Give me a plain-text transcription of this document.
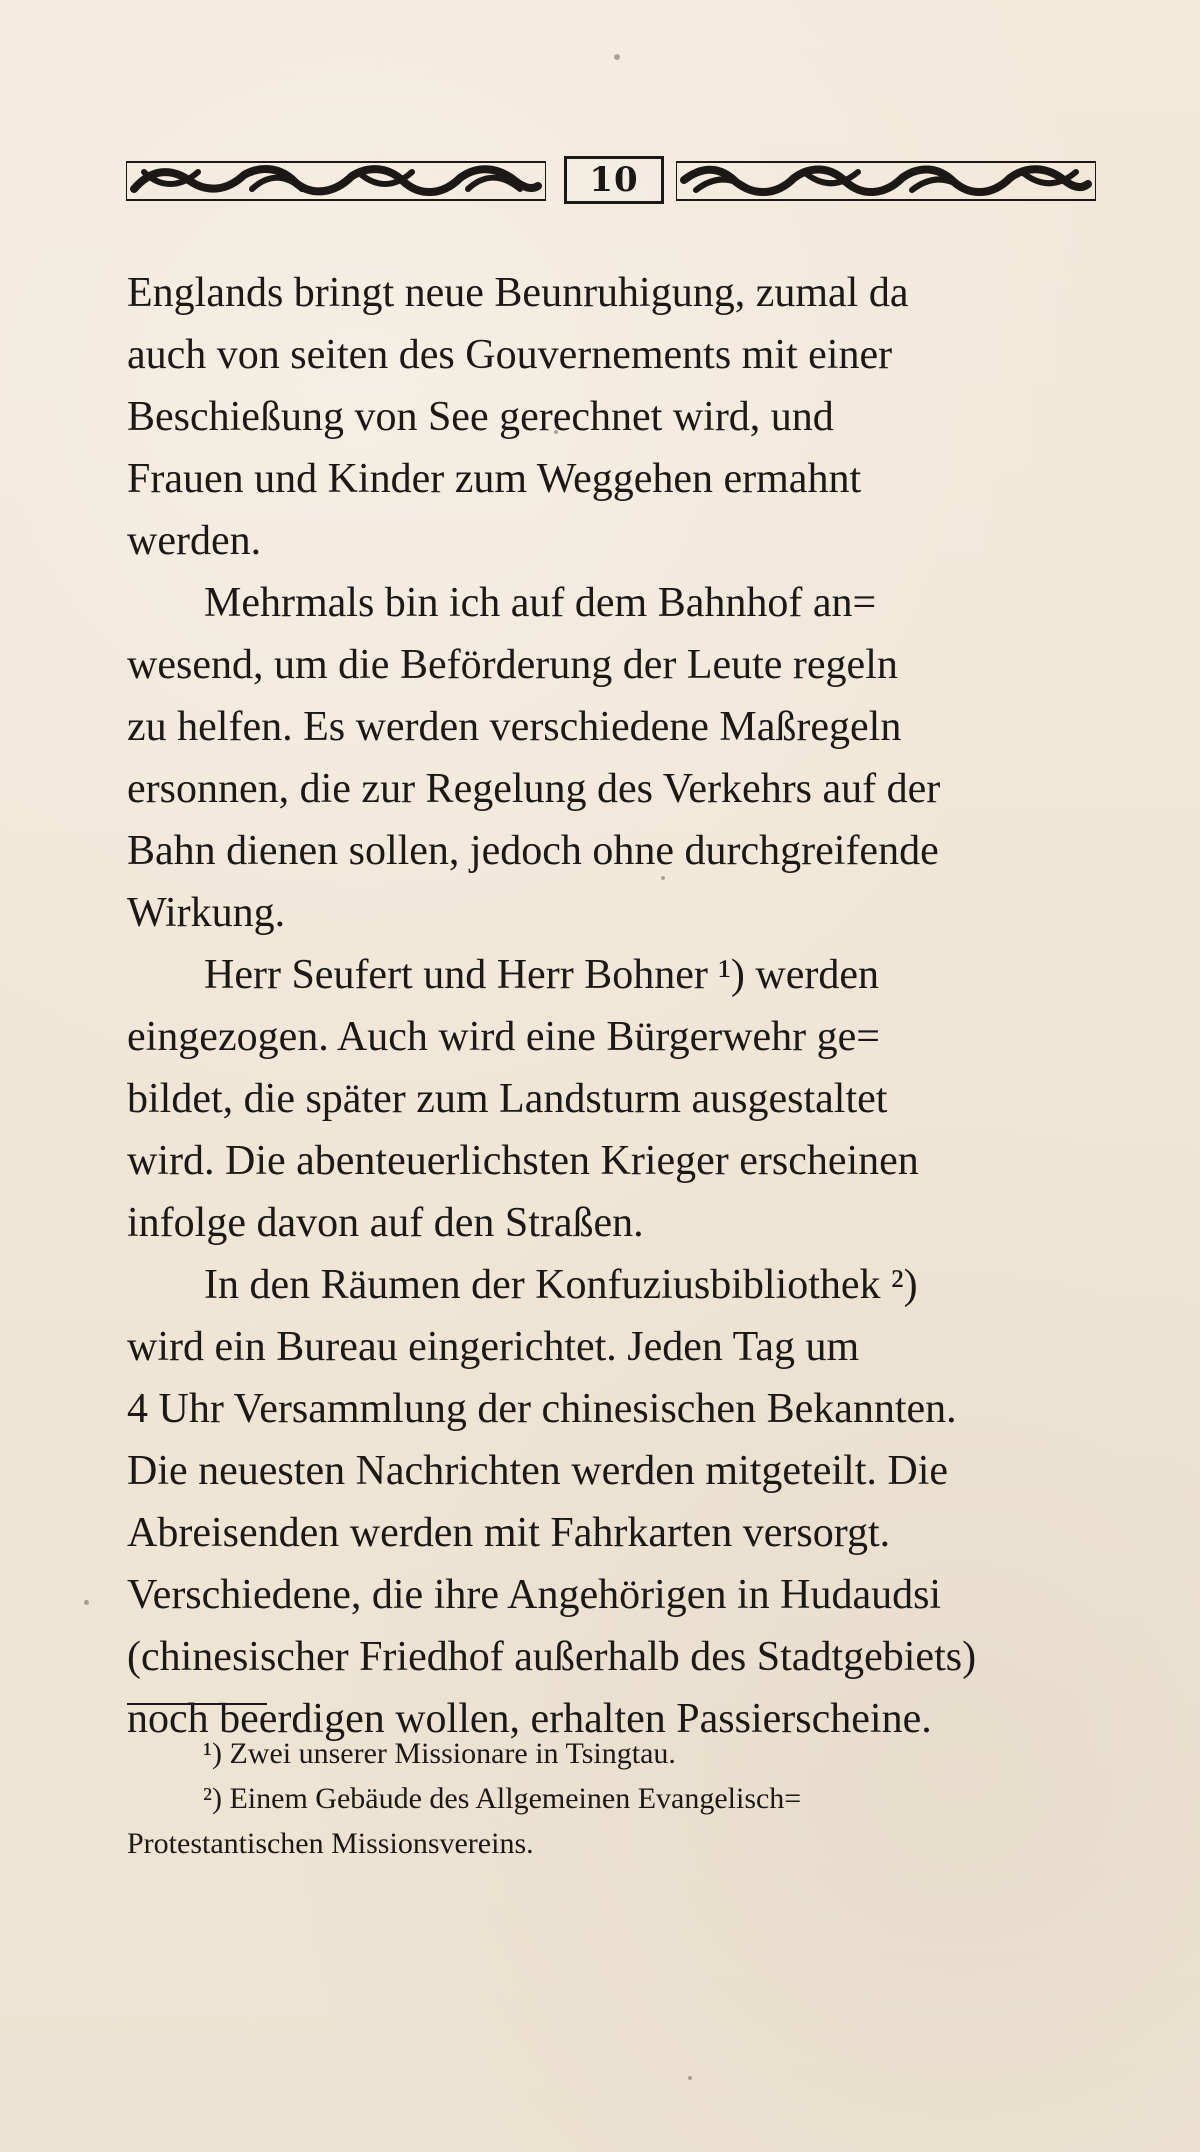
10
Englands bringt neue Beunruhigung, zumal da
auch von seiten des Gouvernements mit einer
Beschießung von See gerechnet wird, und
Frauen und Kinder zum Weggehen ermahnt
werden.
Mehrmals bin ich auf dem Bahnhof an=
wesend, um die Beförderung der Leute regeln
zu helfen. Es werden verschiedene Maßregeln
ersonnen, die zur Regelung des Verkehrs auf der
Bahn dienen sollen, jedoch ohne durchgreifende
Wirkung.
Herr Seufert und Herr Bohner ¹) werden
eingezogen. Auch wird eine Bürgerwehr ge=
bildet, die später zum Landsturm ausgestaltet
wird. Die abenteuerlichsten Krieger erscheinen
infolge davon auf den Straßen.
In den Räumen der Konfuziusbibliothek ²)
wird ein Bureau eingerichtet. Jeden Tag um
4 Uhr Versammlung der chinesischen Bekannten.
Die neuesten Nachrichten werden mitgeteilt. Die
Abreisenden werden mit Fahrkarten versorgt.
Verschiedene, die ihre Angehörigen in Hudaudsi
(chinesischer Friedhof außerhalb des Stadtgebiets)
noch beerdigen wollen, erhalten Passierscheine.
¹) Zwei unserer Missionare in Tsingtau.
²) Einem Gebäude des Allgemeinen Evangelisch=
Protestantischen Missionsvereins.
